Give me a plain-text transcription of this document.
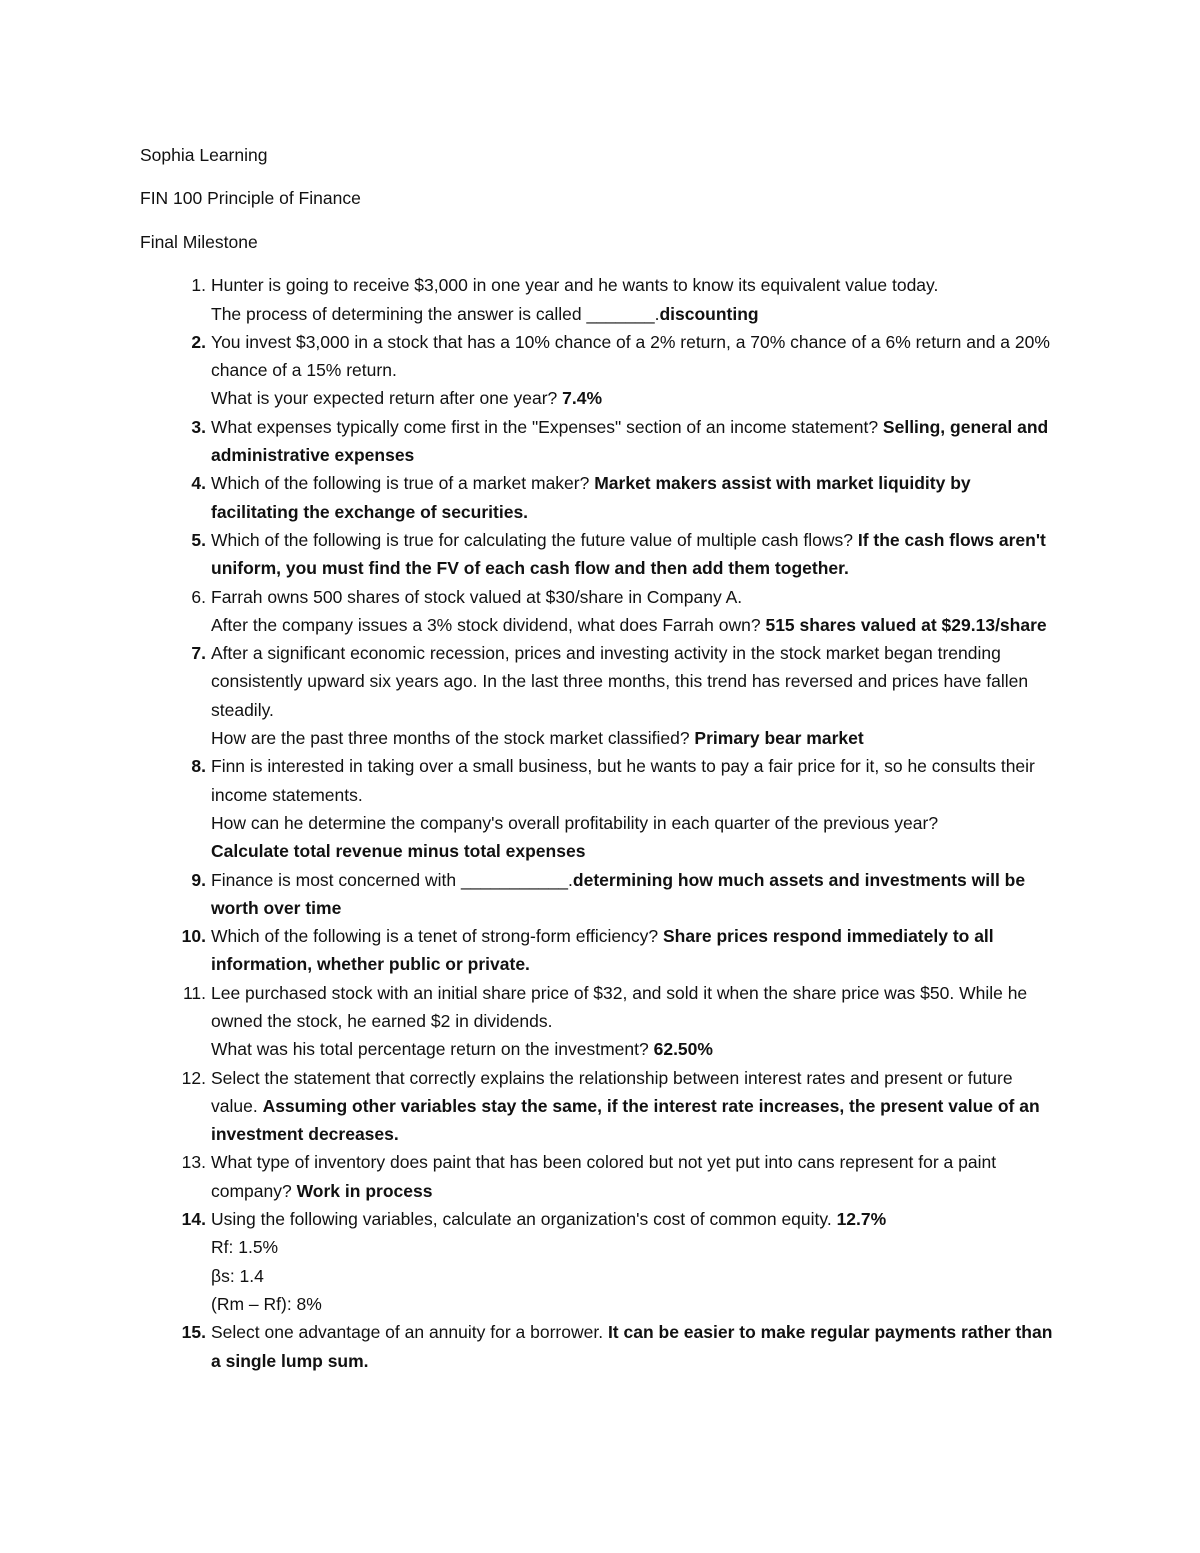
Sophia Learning
FIN 100 Principle of Finance
Final Milestone
1. Hunter is going to receive $3,000 in one year and he wants to know its equivalent value today.
The process of determining the answer is called _______.discounting
2. You invest $3,000 in a stock that has a 10% chance of a 2% return, a 70% chance of a 6% return and a 20% chance of a 15% return.
What is your expected return after one year? 7.4%
3. What expenses typically come first in the "Expenses" section of an income statement? Selling, general and administrative expenses
4. Which of the following is true of a market maker? Market makers assist with market liquidity by facilitating the exchange of securities.
5. Which of the following is true for calculating the future value of multiple cash flows? If the cash flows aren't uniform, you must find the FV of each cash flow and then add them together.
6. Farrah owns 500 shares of stock valued at $30/share in Company A.
After the company issues a 3% stock dividend, what does Farrah own? 515 shares valued at $29.13/share
7. After a significant economic recession, prices and investing activity in the stock market began trending consistently upward six years ago. In the last three months, this trend has reversed and prices have fallen steadily.
How are the past three months of the stock market classified? Primary bear market
8. Finn is interested in taking over a small business, but he wants to pay a fair price for it, so he consults their income statements.
How can he determine the company's overall profitability in each quarter of the previous year?
Calculate total revenue minus total expenses
9. Finance is most concerned with ___________.determining how much assets and investments will be worth over time
10. Which of the following is a tenet of strong-form efficiency? Share prices respond immediately to all information, whether public or private.
11. Lee purchased stock with an initial share price of $32, and sold it when the share price was $50. While he owned the stock, he earned $2 in dividends.
What was his total percentage return on the investment? 62.50%
12. Select the statement that correctly explains the relationship between interest rates and present or future value. Assuming other variables stay the same, if the interest rate increases, the present value of an investment decreases.
13. What type of inventory does paint that has been colored but not yet put into cans represent for a paint company? Work in process
14. Using the following variables, calculate an organization's cost of common equity. 12.7%
Rf: 1.5%
βs: 1.4
(Rm – Rf): 8%
15. Select one advantage of an annuity for a borrower. It can be easier to make regular payments rather than a single lump sum.
